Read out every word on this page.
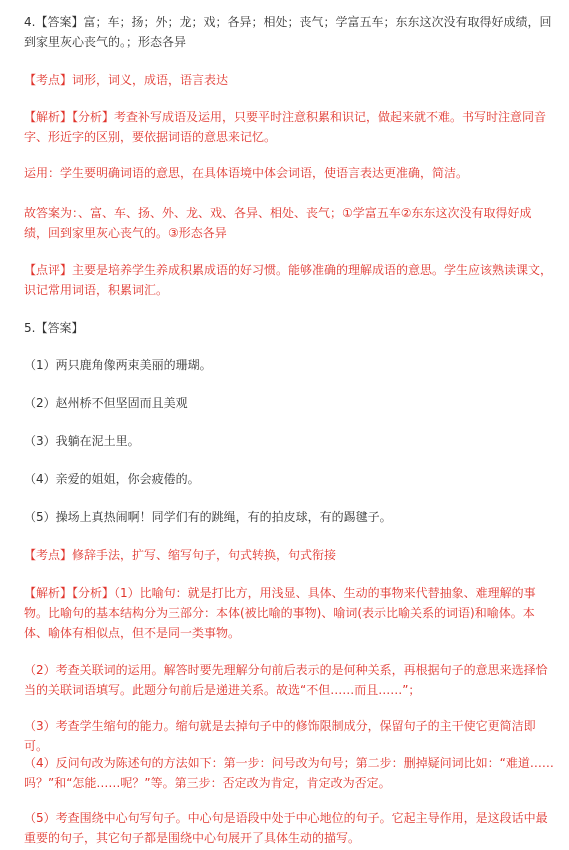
4.【答案】富；车；扬；外；龙；戏；各异；相处；丧气；学富五车；东东这次没有取得好成绩，回到家里灰心丧气的。；形态各异

【考点】词形，词义，成语，语言表达

【解析】【分析】考查补写成语及运用，只要平时注意积累和识记，做起来就不难。书写时注意同音字、形近字的区别，要依据词语的意思来记忆。

运用：学生要明确词语的意思，在具体语境中体会词语，使语言表达更准确，简洁。

故答案为：、富、车、扬、外、龙、戏、各异、相处、丧气；①学富五车②东东这次没有取得好成绩，回到家里灰心丧气的。③形态各异

【点评】主要是培养学生养成积累成语的好习惯。能够准确的理解成语的意思。学生应该熟读课文，识记常用词语，积累词汇。

5.【答案】

（1）两只鹿角像两束美丽的珊瑚。

（2）赵州桥不但坚固而且美观

（3）我躺在泥土里。

（4）亲爱的姐姐，你会疲倦的。

（5）操场上真热闹啊！同学们有的跳绳，有的拍皮球，有的踢毽子。

【考点】修辞手法，扩写、缩写句子，句式转换，句式衔接

【解析】【分析】（1）比喻句：就是打比方，用浅显、具体、生动的事物来代替抽象、难理解的事物。比喻句的基本结构分为三部分：本体(被比喻的事物)、喻词(表示比喻关系的词语)和喻体。本体、喻体有相似点，但不是同一类事物。

（2）考查关联词的运用。解答时要先理解分句前后表示的是何种关系，再根据句子的意思来选择恰当的关联词语填写。此题分句前后是递进关系。故选“不但……而且……”；

（3）考查学生缩句的能力。缩句就是去掉句子中的修饰限制成分，保留句子的主干使它更简洁即可。

（4）反问句改为陈述句的方法如下：第一步：问号改为句号；第二步：删掉疑问词比如：“难道……吗？”和“怎能……呢？”等。第三步：否定改为肯定，肯定改为否定。

（5）考查围绕中心句写句子。中心句是语段中处于中心地位的句子。它起主导作用，是这段话中最重要的句子，其它句子都是围绕中心句展开了具体生动的描写。
